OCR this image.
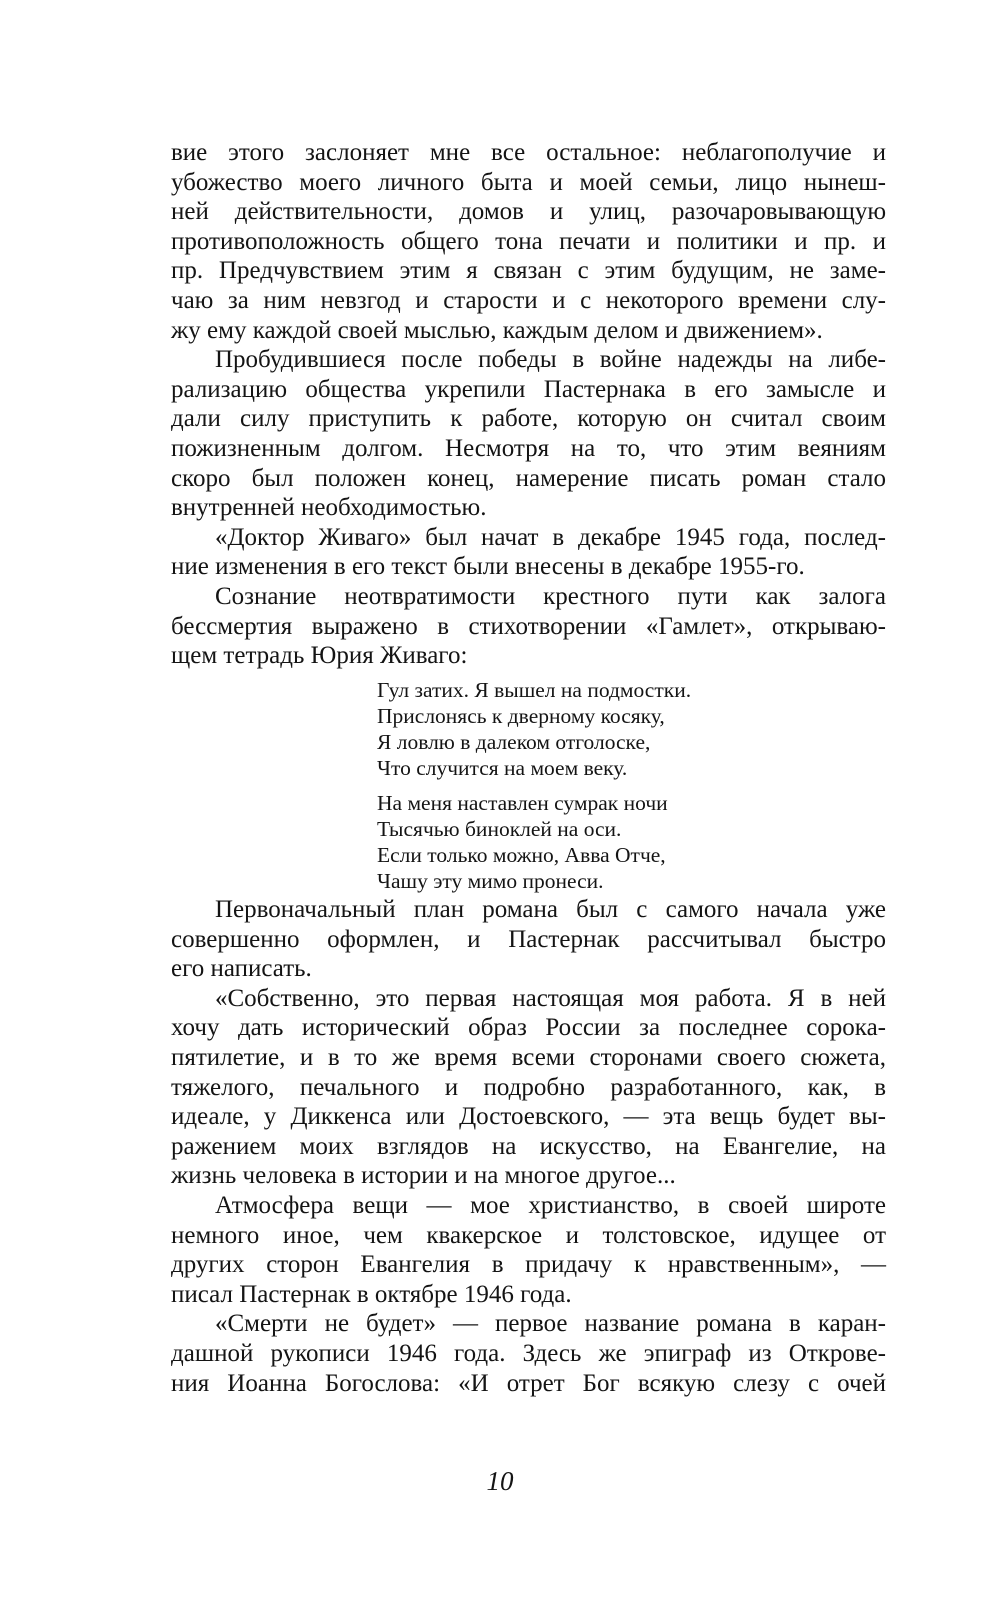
вие этого заслоняет мне все остальное: неблагополучие и
убожество моего личного быта и моей семьи, лицо нынеш-
ней действительности, домов и улиц, разочаровывающую
противоположность общего тона печати и политики и пр. и
пр. Предчувствием этим я связан с этим будущим, не заме-
чаю за ним невзгод и старости и с некоторого времени слу-
жу ему каждой своей мыслью, каждым делом и движением».
Пробудившиеся после победы в войне надежды на либе-
рализацию общества укрепили Пастернака в его замысле и
дали силу приступить к работе, которую он считал своим
пожизненным долгом. Несмотря на то, что этим веяниям
скоро был положен конец, намерение писать роман стало
внутренней необходимостью.
«Доктор Живаго» был начат в декабре 1945 года, послед-
ние изменения в его текст были внесены в декабре 1955-го.
Сознание неотвратимости крестного пути как залога
бессмертия выражено в стихотворении «Гамлет», открываю-
щем тетрадь Юрия Живаго:
Гул затих. Я вышел на подмостки.
Прислонясь к дверному косяку,
Я ловлю в далеком отголоске,
Что случится на моем веку.
На меня наставлен сумрак ночи
Тысячью биноклей на оси.
Если только можно, Авва Отче,
Чашу эту мимо пронеси.
Первоначальный план романа был с самого начала уже
совершенно оформлен, и Пастернак рассчитывал быстро
его написать.
«Собственно, это первая настоящая моя работа. Я в ней
хочу дать исторический образ России за последнее сорока-
пятилетие, и в то же время всеми сторонами своего сюжета,
тяжелого, печального и подробно разработанного, как, в
идеале, у Диккенса или Достоевского, — эта вещь будет вы-
ражением моих взглядов на искусство, на Евангелие, на
жизнь человека в истории и на многое другое...
Атмосфера вещи — мое христианство, в своей широте
немного иное, чем квакерское и толстовское, идущее от
других сторон Евангелия в придачу к нравственным», —
писал Пастернак в октябре 1946 года.
«Смерти не будет» — первое название романа в каран-
дашной рукописи 1946 года. Здесь же эпиграф из Открове-
ния Иоанна Богослова: «И отрет Бог всякую слезу с очей
10
